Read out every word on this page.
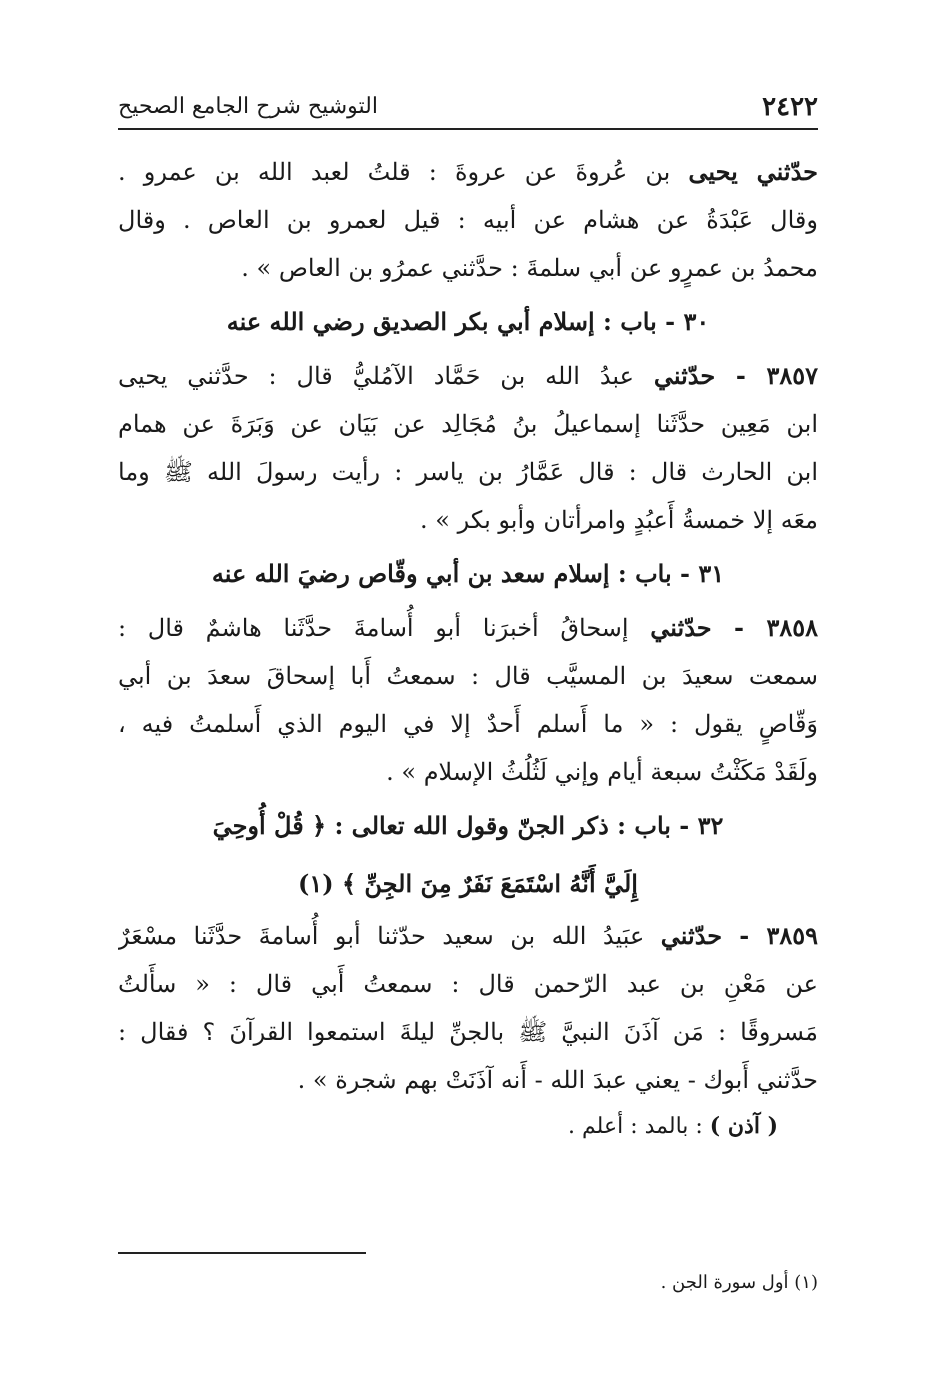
٢٤٢٢
التوشيح شرح الجامع الصحيح

حدّثني يحيى بن عُروةَ عن عروةَ : قلتُ لعبد الله بن عمرو .

وقال عَبْدَةُ عن هشام عن أبيه : قيل لعمرو بن العاص . وقال

محمدُ بن عمرٍو عن أبي سلمةَ : حدَّثني عمرُو بن العاص » .

٣٠ - باب : إسلام أبي بكر الصديق رضي الله عنه

٣٨٥٧ - حدّثني عبدُ الله بن حَمَّاد الآمُليُّ قال : حدَّثني يحيى

ابن مَعِين حدَّثَنا إسماعيلُ بنُ مُجَالِد عن بَيَان عن وَبَرَةَ عن همام

ابن الحارث قال : قال عَمَّارُ بن ياسر : رأيت رسولَ الله ﷺ وما

معَه إلا خمسةُ أَعبُدٍ وامرأتان وأبو بكر » .

٣١ - باب : إسلام سعد بن أبي وقّاص رضيَ الله عنه

٣٨٥٨ - حدّثني إسحاقُ أخبرَنا أبو أُسامةَ حدَّثَنا هاشمٌ قال :

سمعت سعيدَ بن المسيَّب قال : سمعتُ أَبا إسحاقَ سعدَ بن أبي

وَقّاصٍ يقول : « ما أَسلم أَحدٌ إلا في اليوم الذي أَسلمتُ فيه ،

ولَقَدْ مَكَثْتُ سبعة أيام وإني لَثُلُثُ الإسلام » .

٣٢ - باب : ذكر الجنّ وقول الله تعالى : ﴿ قُلْ أُوحِيَ
إِلَيَّ أَنَّهُ اسْتَمَعَ نَفَرٌ مِنَ الجِنِّ ﴾ (١)

٣٨٥٩ - حدّثني عبَيدُ الله بن سعيد حدّثنا أبو أُسامةَ حدَّثَنا مسْعَرٌ

عن مَعْنِ بن عبد الرّحمن قال : سمعتُ أَبي قال : « سأَلتُ

مَسروقًا : مَن آذَنَ النبيَّ ﷺ بالجنِّ ليلةَ استمعوا القرآنَ ؟ فقال :

حدَّثني أَبوك - يعني عبدَ الله - أَنه آذَنَتْ بهم شجرة » .

( آذن ) : بالمد : أعلم .

(١) أول سورة الجن .
